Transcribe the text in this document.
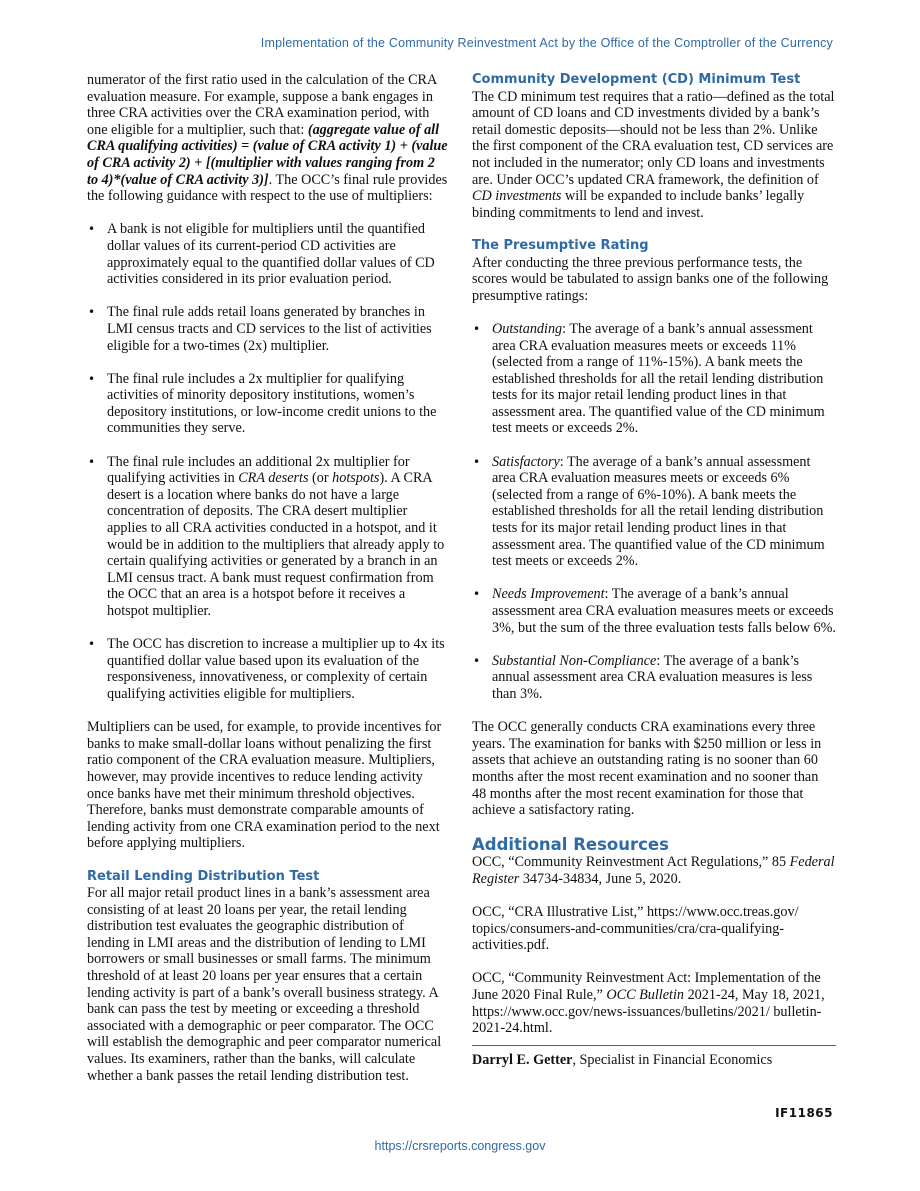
Implementation of the Community Reinvestment Act by the Office of the Comptroller of the Currency

numerator of the first ratio used in the calculation of the CRA evaluation measure. For example, suppose a bank engages in three CRA activities over the CRA examination period, with one eligible for a multiplier, such that: (aggregate value of all CRA qualifying activities) = (value of CRA activity 1) + (value of CRA activity 2) + [(multiplier with values ranging from 2 to 4)*(value of CRA activity 3)]. The OCC’s final rule provides the following guidance with respect to the use of multipliers:

• A bank is not eligible for multipliers until the quantified dollar values of its current-period CD activities are approximately equal to the quantified dollar values of CD activities considered in its prior evaluation period.
• The final rule adds retail loans generated by branches in LMI census tracts and CD services to the list of activities eligible for a two-times (2x) multiplier.
• The final rule includes a 2x multiplier for qualifying activities of minority depository institutions, women’s depository institutions, or low-income credit unions to the communities they serve.
• The final rule includes an additional 2x multiplier for qualifying activities in CRA deserts (or hotspots). A CRA desert is a location where banks do not have a large concentration of deposits. The CRA desert multiplier applies to all CRA activities conducted in a hotspot, and it would be in addition to the multipliers that already apply to certain qualifying activities or generated by a branch in an LMI census tract. A bank must request confirmation from the OCC that an area is a hotspot before it receives a hotspot multiplier.
• The OCC has discretion to increase a multiplier up to 4x its quantified dollar value based upon its evaluation of the responsiveness, innovativeness, or complexity of certain qualifying activities eligible for multipliers.

Multipliers can be used, for example, to provide incentives for banks to make small-dollar loans without penalizing the first ratio component of the CRA evaluation measure. Multipliers, however, may provide incentives to reduce lending activity once banks have met their minimum threshold objectives. Therefore, banks must demonstrate comparable amounts of lending activity from one CRA examination period to the next before applying multipliers.

Retail Lending Distribution Test

For all major retail product lines in a bank’s assessment area consisting of at least 20 loans per year, the retail lending distribution test evaluates the geographic distribution of lending in LMI areas and the distribution of lending to LMI borrowers or small businesses or small farms. The minimum threshold of at least 20 loans per year ensures that a certain lending activity is part of a bank’s overall business strategy. A bank can pass the test by meeting or exceeding a threshold associated with a demographic or peer comparator. The OCC will establish the demographic and peer comparator numerical values. Its examiners, rather than the banks, will calculate whether a bank passes the retail lending distribution test.

Community Development (CD) Minimum Test

The CD minimum test requires that a ratio—defined as the total amount of CD loans and CD investments divided by a bank’s retail domestic deposits—should not be less than 2%. Unlike the first component of the CRA evaluation test, CD services are not included in the numerator; only CD loans and investments are. Under OCC’s updated CRA framework, the definition of CD investments will be expanded to include banks’ legally binding commitments to lend and invest.

The Presumptive Rating

After conducting the three previous performance tests, the scores would be tabulated to assign banks one of the following presumptive ratings:

• Outstanding: The average of a bank’s annual assessment area CRA evaluation measures meets or exceeds 11% (selected from a range of 11%-15%). A bank meets the established thresholds for all the retail lending distribution tests for its major retail lending product lines in that assessment area. The quantified value of the CD minimum test meets or exceeds 2%.
• Satisfactory: The average of a bank’s annual assessment area CRA evaluation measures meets or exceeds 6% (selected from a range of 6%-10%). A bank meets the established thresholds for all the retail lending distribution tests for its major retail lending product lines in that assessment area. The quantified value of the CD minimum test meets or exceeds 2%.
• Needs Improvement: The average of a bank’s annual assessment area CRA evaluation measures meets or exceeds 3%, but the sum of the three evaluation tests falls below 6%.
• Substantial Non-Compliance: The average of a bank’s annual assessment area CRA evaluation measures is less than 3%.

The OCC generally conducts CRA examinations every three years. The examination for banks with $250 million or less in assets that achieve an outstanding rating is no sooner than 60 months after the most recent examination and no sooner than 48 months after the most recent examination for those that achieve a satisfactory rating.

Additional Resources

OCC, “Community Reinvestment Act Regulations,” 85 Federal Register 34734-34834, June 5, 2020.

OCC, “CRA Illustrative List,” https://www.occ.treas.gov/ topics/consumers-and-communities/cra/cra-qualifying-activities.pdf.

OCC, “Community Reinvestment Act: Implementation of the June 2020 Final Rule,” OCC Bulletin 2021-24, May 18, 2021, https://www.occ.gov/news-issuances/bulletins/2021/ bulletin-2021-24.html.

Darryl E. Getter, Specialist in Financial Economics
IF11865
https://crsreports.congress.gov
